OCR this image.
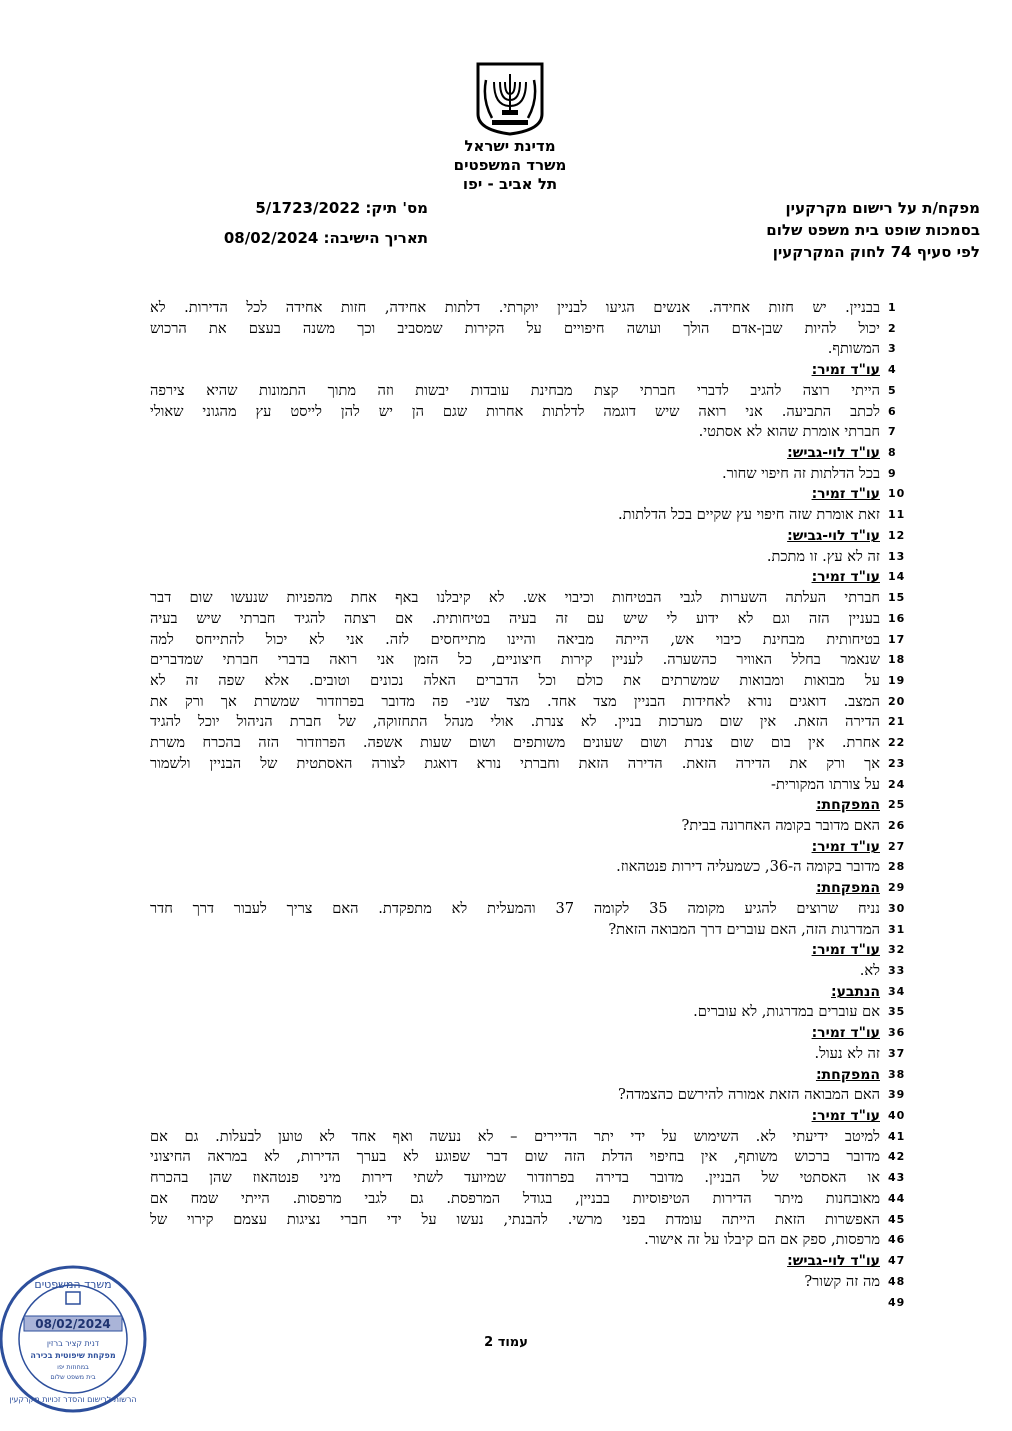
מדינת ישראל
משרד המשפטים
תל אביב - יפו
מפקח/ת על רישום מקרקעין
בסמכות שופט בית משפט שלום
לפי סעיף 74 לחוק המקרקעין
מס' תיק: 5/1723/2022
תאריך הישיבה: 08/02/2024
1
בבניין. יש חזות אחידה. אנשים הגיעו לבניין יוקרתי. דלתות אחידה, חזות אחידה לכל הדירות. לא
2
יכול להיות שבן-אדם הולך ועושה חיפויים על הקירות שמסביב וכך משנה בעצם את הרכוש
3
המשותף.
4
עו"ד זמיר:
5
הייתי רוצה להגיב לדברי חברתי קצת מבחינת עובדות יבשות וזה מתוך התמונות שהיא צירפה
6
לכתב התביעה. אני רואה שיש דוגמה לדלתות אחרות שגם הן יש להן לייסט עץ מהגוני שאולי
7
חברתי אומרת שהוא לא אסתטי.
8
עו"ד לוי-גביש:
9
בכל הדלתות זה חיפוי שחור.
10
עו"ד זמיר:
11
זאת אומרת שזה חיפוי עץ שקיים בכל הדלתות.
12
עו"ד לוי-גביש:
13
זה לא עץ. זו מתכת.
14
עו"ד זמיר:
15
חברתי העלתה השערות לגבי הבטיחות וכיבוי אש. לא קיבלנו באף אחת מהפניות שנעשו שום דבר
16
בעניין הזה וגם לא ידוע לי שיש עם זה בעיה בטיחותית. אם רצתה להגיד חברתי שיש בעיה
17
בטיחותית מבחינת כיבוי אש, הייתה מביאה והיינו מתייחסים לזה. אני לא יכול להתייחס למה
18
שנאמר בחלל האוויר כהשערה. לעניין קירות חיצוניים, כל הזמן אני רואה בדברי חברתי שמדברים
19
על מבואות ומבואות שמשרתים את כולם וכל הדברים האלה נכונים וטובים. אלא שפה זה לא
20
המצב. דואגים נורא לאחידות הבניין מצד אחד. מצד שני- פה מדובר בפרוזדור שמשרת אך ורק את
21
הדירה הזאת. אין שום מערכות בניין. לא צנרת. אולי מנהל התחזוקה, של חברת הניהול יוכל להגיד
22
אחרת. אין בום שום צנרת ושום שעונים משותפים ושום שעות אשפה. הפרוזדור הזה בהכרח משרת
23
אך ורק את הדירה הזאת. הדירה הזאת וחברתי נורא דואגת לצורה האסתטית של הבניין ולשמור
24
על צורתו המקורית-
25
המפקחת:
26
האם מדובר בקומה האחרונה בבית?
27
עו"ד זמיר:
28
מדובר בקומה ה-36, כשמעליה דירות פנטהאוז.
29
המפקחת:
30
נניח שרוצים להגיע מקומה 35 לקומה 37 והמעלית לא מתפקדת. האם צריך לעבור דרך חדר
31
המדרגות הזה, האם עוברים דרך המבואה הזאת?
32
עו"ד זמיר:
33
לא.
34
הנתבע:
35
אם עוברים במדרגות, לא עוברים.
36
עו"ד זמיר:
37
זה לא נעול.
38
המפקחת:
39
האם המבואה הזאת אמורה להירשם כהצמדה?
40
עו"ד זמיר:
41
למיטב ידיעתי לא. השימוש על ידי יתר הדיירים – לא נעשה ואף אחד לא טוען לבעלות. גם אם
42
מדובר ברכוש משותף, אין בחיפוי הדלת הזה שום דבר שפוגע לא בערך הדירות, לא במראה החיצוני
43
או האסתטי של הבניין. מדובר בדירה בפרוזדור שמיועד לשתי דירות מיני פנטהאוז שהן בהכרח
44
מאובחנות מיתר הדירות הטיפוסיות בבניין, בגודל המרפסת. גם לגבי מרפסות. הייתי שמח אם
45
האפשרות הזאת הייתה עומדת בפני מרשי. להבנתי, נעשו על ידי חברי נציגות עצמם קירוי של
46
מרפסות, ספק אם הם קיבלו על זה אישור.
47
עו"ד לוי-גביש:
48
מה זה קשור?
49
עמוד 2
משרד המשפטים
08/02/2024
דנית קציר ברזין
מפקחת שיפוטית בכירה
במחוזות יפו
בית משפט שלום
הרשות לרישום והסדר זכויות מקרקעין
